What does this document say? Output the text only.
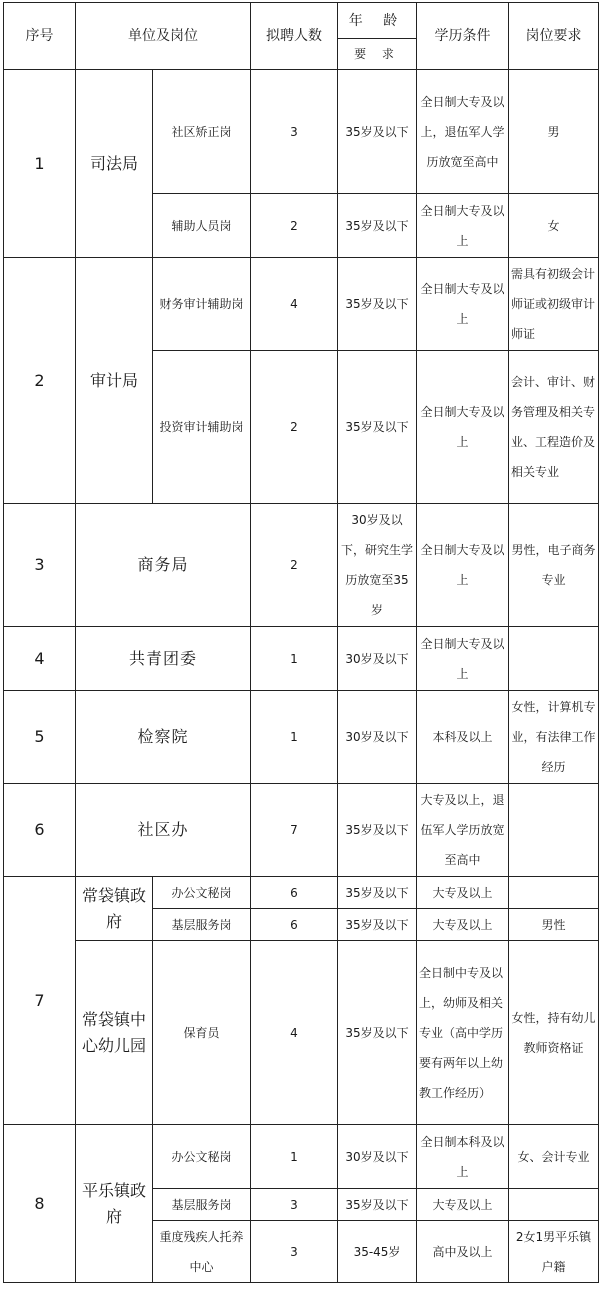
序号	单位及岗位		拟聘人数	年 龄	学历条件	岗位要求
				要 求		
1	司法局	社区矫正岗	3	35岁及以下	全日制大专及以上，退伍军人学历放宽至高中	男
		辅助人员岗	2	35岁及以下	全日制大专及以上	女
2	审计局	财务审计辅助岗	4	35岁及以下	全日制大专及以上	需具有初级会计师证或初级审计师证
		投资审计辅助岗	2	35岁及以下	全日制大专及以上	会计、审计、财务管理及相关专业、工程造价及相关专业
3	商务局		2	30岁及以下，研究生学历放宽至35岁	全日制大专及以上	男性，电子商务专业
4	共青团委		1	30岁及以下	全日制大专及以上	
5	检察院		1	30岁及以下	本科及以上	女性，计算机专业，有法律工作经历
6	社区办		7	35岁及以下	大专及以上，退伍军人学历放宽至高中	
7	常袋镇政府	办公文秘岗	6	35岁及以下	大专及以上	
		基层服务岗	6	35岁及以下	大专及以上	男性
	常袋镇中心幼儿园	保育员	4	35岁及以下	全日制中专及以上，幼师及相关专业（高中学历要有两年以上幼教工作经历）	女性，持有幼儿教师资格证
8	平乐镇政府	办公文秘岗	1	30岁及以下	全日制本科及以上	女、会计专业
		基层服务岗	3	35岁及以下	大专及以上	
		重度残疾人托养中心	3	35-45岁	高中及以上	2女1男平乐镇户籍
